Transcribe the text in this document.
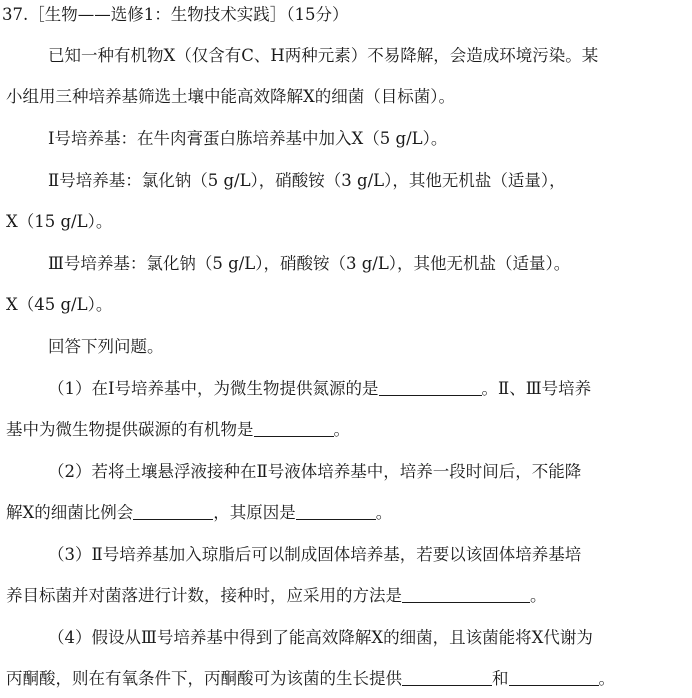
37.［生物——选修1：生物技术实践］（15分）
已知一种有机物X（仅含有C、H两种元素）不易降解，会造成环境污染。某
小组用三种培养基筛选土壤中能高效降解X的细菌（目标菌）。
Ⅰ号培养基：在牛肉膏蛋白胨培养基中加入X（5 g/L）。
Ⅱ号培养基：氯化钠（5 g/L），硝酸铵（3 g/L），其他无机盐（适量），
X（15 g/L）。
Ⅲ号培养基：氯化钠（5 g/L），硝酸铵（3 g/L），其他无机盐（适量）。
X（45 g/L）。
回答下列问题。
（1）在Ⅰ号培养基中，为微生物提供氮源的是	。Ⅱ、Ⅲ号培养
基中为微生物提供碳源的有机物是	。
（2）若将土壤悬浮液接种在Ⅱ号液体培养基中，培养一段时间后，不能降
解X的细菌比例会	，其原因是	。
（3）Ⅱ号培养基加入琼脂后可以制成固体培养基，若要以该固体培养基培
养目标菌并对菌落进行计数，接种时，应采用的方法是	。
（4）假设从Ⅲ号培养基中得到了能高效降解X的细菌，且该菌能将X代谢为
丙酮酸，则在有氧条件下，丙酮酸可为该菌的生长提供	和	。
